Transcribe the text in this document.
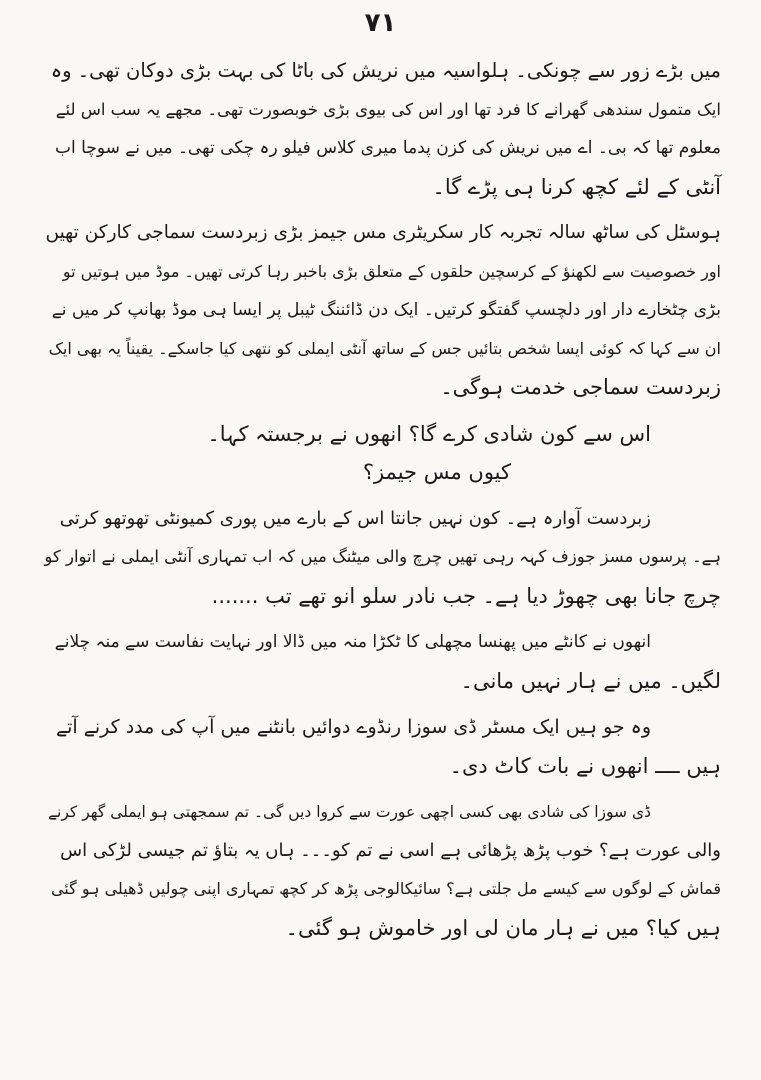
۷۱
میں بڑے زور سے چونکی۔ ہلواسیہ میں نریش کی باٹا کی بہت بڑی دوکان تھی۔ وہ
ایک متمول سندھی گھرانے کا فرد تھا اور اس کی بیوی بڑی خوبصورت تھی۔ مجھے یہ سب اس لئے
معلوم تھا کہ بی۔ اے میں نریش کی کزن پدما میری کلاس فیلو رہ چکی تھی۔ میں نے سوچا اب
آنٹی کے لئے کچھ کرنا ہی پڑے گا۔
ہوسٹل کی ساٹھ سالہ تجربہ کار سکریٹری مس جیمز بڑی زبردست سماجی کارکن تھیں
اور خصوصیت سے لکھنؤ کے کرسچین حلقوں کے متعلق بڑی باخبر رہا کرتی تھیں۔ موڈ میں ہوتیں تو
بڑی چٹخارے دار اور دلچسپ گفتگو کرتیں۔ ایک دن ڈائننگ ٹیبل پر ایسا ہی موڈ بھانپ کر میں نے
ان سے کہا کہ کوئی ایسا شخص بتائیں جس کے ساتھ آنٹی ایملی کو نتھی کیا جاسکے۔ یقیناً یہ بھی ایک
زبردست سماجی خدمت ہوگی۔
اس سے کون شادی کرے گا؟ انھوں نے برجستہ کہا۔
کیوں مس جیمز؟
زبردست آوارہ ہے۔ کون نہیں جانتا اس کے بارے میں پوری کمیونٹی تھوتھو کرتی
ہے۔ پرسوں مسز جوزف کہہ رہی تھیں چرچ والی میٹنگ میں کہ اب تمہاری آنٹی ایملی نے اتوار کو
چرچ جانا بھی چھوڑ دیا ہے۔ جب نادر سلو انو تھے تب .......
انھوں نے کانٹے میں پھنسا مچھلی کا ٹکڑا منہ میں ڈالا اور نہایت نفاست سے منہ چلانے
لگیں۔ میں نے ہار نہیں مانی۔
وہ جو ہیں ایک مسٹر ڈی سوزا رنڈوے دوائیں بانٹنے میں آپ کی مدد کرنے آتے
ہیں ــــ انھوں نے بات کاٹ دی۔
ڈی سوزا کی شادی بھی کسی اچھی عورت سے کروا دیں گی۔ تم سمجھتی ہو ایملی گھر کرنے
والی عورت ہے؟ خوب پڑھ پڑھائی ہے اسی نے تم کو۔۔۔ ہاں یہ بتاؤ تم جیسی لڑکی اس
قماش کے لوگوں سے کیسے مل جلتی ہے؟ سائیکالوجی پڑھ کر کچھ تمہاری اپنی چولیں ڈھیلی ہو گئی
ہیں کیا؟ میں نے ہار مان لی اور خاموش ہو گئی۔
